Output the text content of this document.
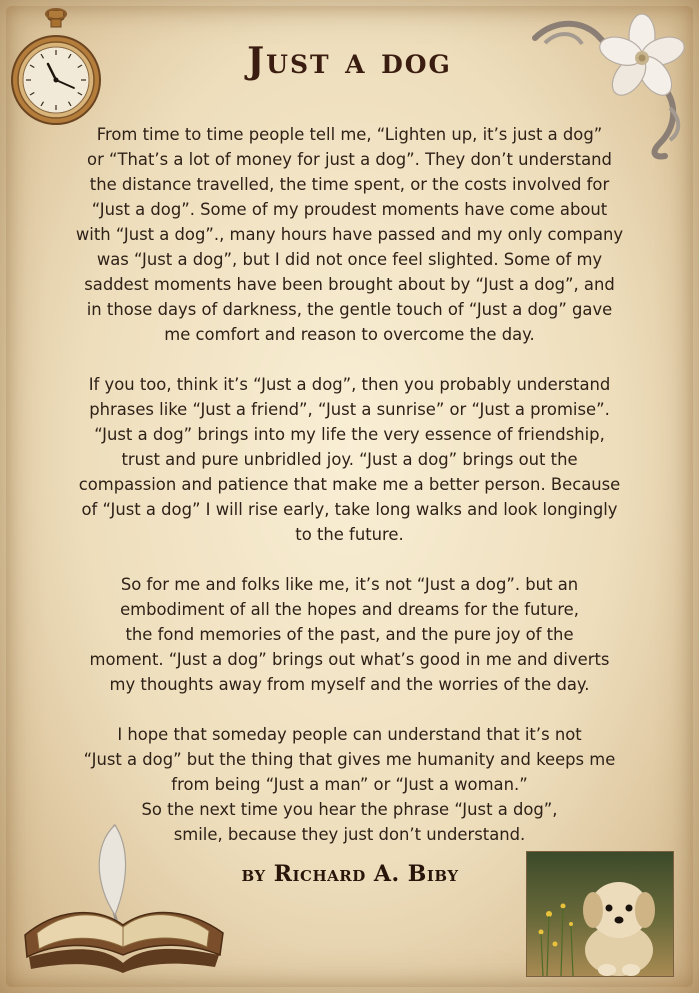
Just a dog
From time to time people tell me, “Lighten up, it’s just a dog”
or “That’s a lot of money for just a dog”. They don’t understand
the distance travelled, the time spent, or the costs involved for
“Just a dog”. Some of my proudest moments have come about
with “Just a dog”., many hours have passed and my only company
was “Just a dog”, but I did not once feel slighted. Some of my
saddest moments have been brought about by “Just a dog”, and
in those days of darkness, the gentle touch of “Just a dog” gave
me comfort and reason to overcome the day.
If you too, think it’s “Just a dog”, then you probably understand
phrases like “Just a friend”, “Just a sunrise” or “Just a promise”.
“Just a dog” brings into my life the very essence of friendship,
trust and pure unbridled joy. “Just a dog” brings out the
compassion and patience that make me a better person. Because
of “Just a dog” I will rise early, take long walks and look longingly
to the future.
So for me and folks like me, it’s not “Just a dog”. but an
embodiment of all the hopes and dreams for the future,
the fond memories of the past, and the pure joy of the
moment. “Just a dog” brings out what’s good in me and diverts
my thoughts away from myself and the worries of the day.
I hope that someday people can understand that it’s not
“Just a dog” but the thing that gives me humanity and keeps me
from being “Just a man” or “Just a woman.”
So the next time you hear the phrase “Just a dog”,
smile, because they just don’t understand.
by Richard A. Biby
